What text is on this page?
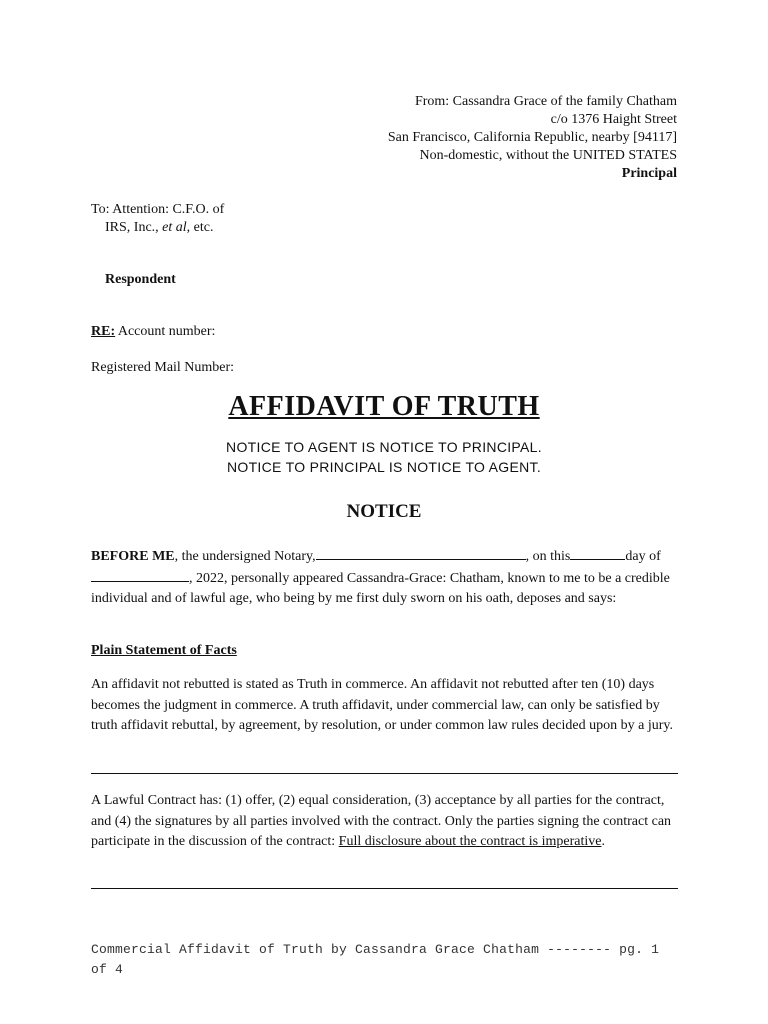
From: Cassandra Grace of the family Chatham
c/o 1376 Haight Street
San Francisco, California Republic, nearby [94117]
Non-domestic, without the UNITED STATES
Principal
To: Attention: C.F.O. of
IRS, Inc., et al, etc.
Respondent
RE: Account number:
Registered Mail Number:
AFFIDAVIT OF TRUTH
NOTICE TO AGENT IS NOTICE TO PRINCIPAL.
NOTICE TO PRINCIPAL IS NOTICE TO AGENT.
NOTICE
BEFORE ME, the undersigned Notary,	, on this	day of , 2022, personally appeared Cassandra-Grace: Chatham, known to me to be a credible individual and of lawful age, who being by me first duly sworn on his oath, deposes and says:
Plain Statement of Facts
An affidavit not rebutted is stated as Truth in commerce. An affidavit not rebutted after ten (10) days becomes the judgment in commerce. A truth affidavit, under commercial law, can only be satisfied by truth affidavit rebuttal, by agreement, by resolution, or under common law rules decided upon by a jury.
A Lawful Contract has: (1) offer, (2) equal consideration, (3) acceptance by all parties for the contract, and (4) the signatures by all parties involved with the contract. Only the parties signing the contract can participate in the discussion of the contract: Full disclosure about the contract is imperative.
Commercial Affidavit of Truth by Cassandra Grace Chatham -------- pg. 1 of 4
